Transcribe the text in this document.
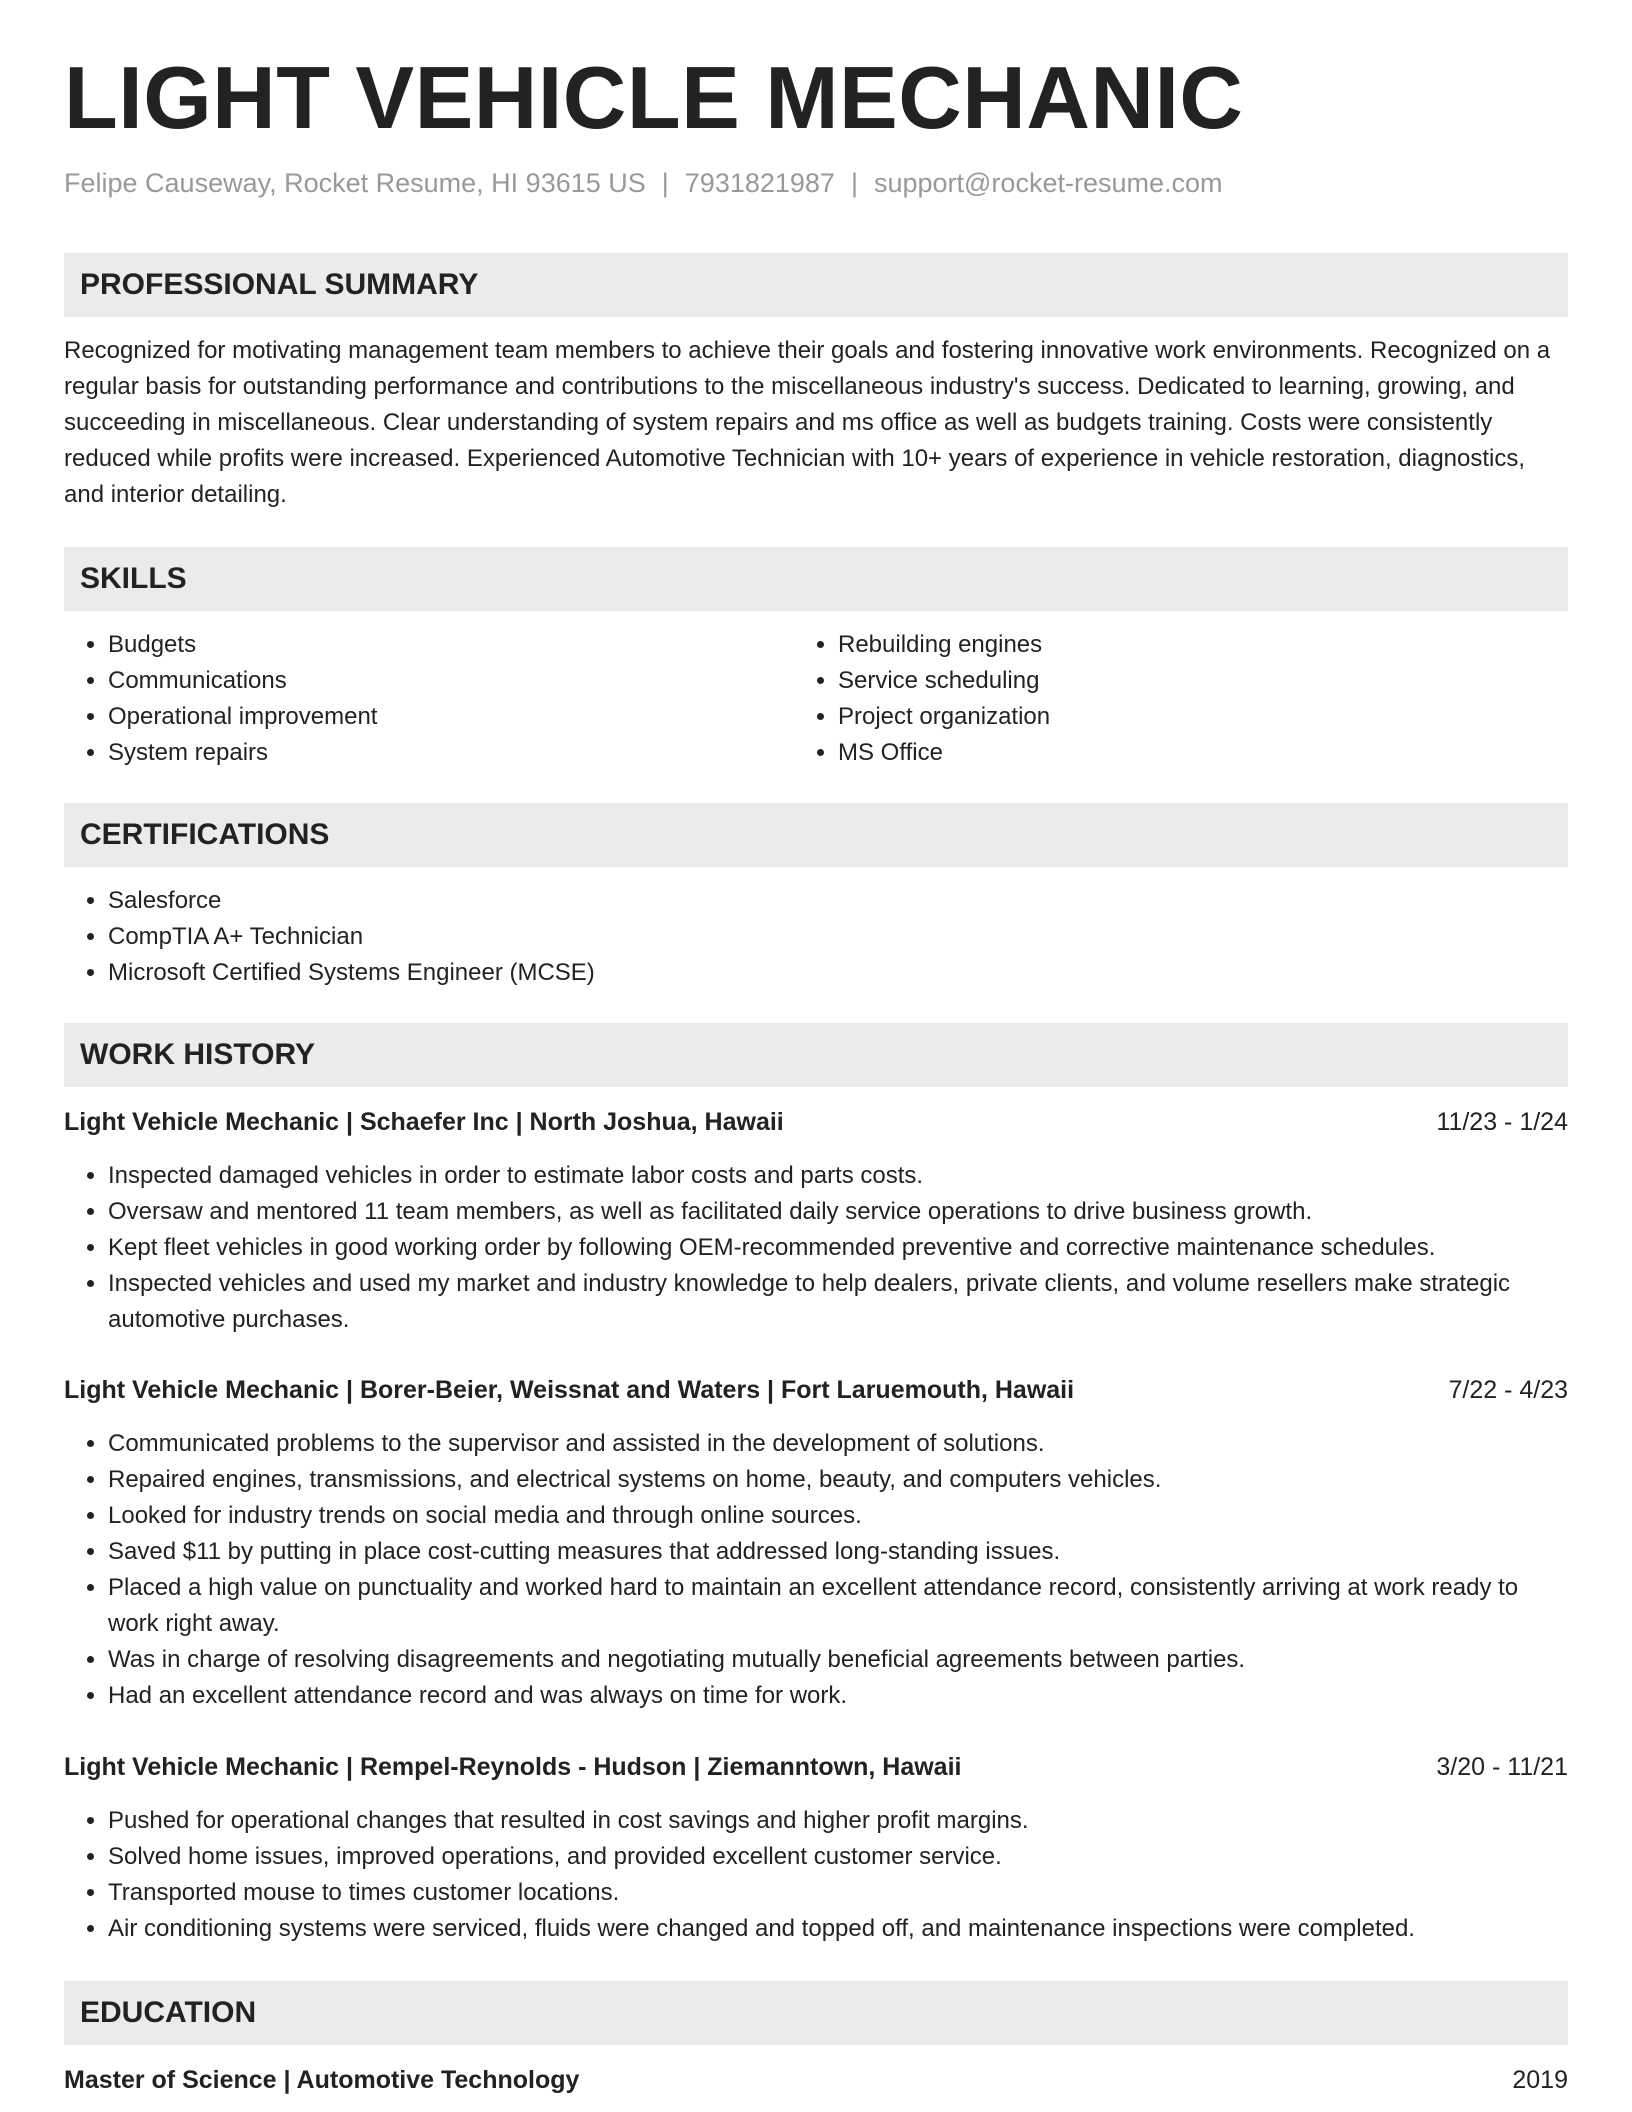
LIGHT VEHICLE MECHANIC
Felipe Causeway, Rocket Resume, HI 93615 US | 7931821987 | support@rocket-resume.com
PROFESSIONAL SUMMARY
Recognized for motivating management team members to achieve their goals and fostering innovative work environments. Recognized on a regular basis for outstanding performance and contributions to the miscellaneous industry's success. Dedicated to learning, growing, and succeeding in miscellaneous. Clear understanding of system repairs and ms office as well as budgets training. Costs were consistently reduced while profits were increased. Experienced Automotive Technician with 10+ years of experience in vehicle restoration, diagnostics, and interior detailing.
SKILLS
• Budgets
• Communications
• Operational improvement
• System repairs
• Rebuilding engines
• Service scheduling
• Project organization
• MS Office
CERTIFICATIONS
• Salesforce
• CompTIA A+ Technician
• Microsoft Certified Systems Engineer (MCSE)
WORK HISTORY
Light Vehicle Mechanic | Schaefer Inc | North Joshua, Hawaii	11/23 - 1/24
• Inspected damaged vehicles in order to estimate labor costs and parts costs.
• Oversaw and mentored 11 team members, as well as facilitated daily service operations to drive business growth.
• Kept fleet vehicles in good working order by following OEM-recommended preventive and corrective maintenance schedules.
• Inspected vehicles and used my market and industry knowledge to help dealers, private clients, and volume resellers make strategic automotive purchases.
Light Vehicle Mechanic | Borer-Beier, Weissnat and Waters | Fort Laruemouth, Hawaii	7/22 - 4/23
• Communicated problems to the supervisor and assisted in the development of solutions.
• Repaired engines, transmissions, and electrical systems on home, beauty, and computers vehicles.
• Looked for industry trends on social media and through online sources.
• Saved $11 by putting in place cost-cutting measures that addressed long-standing issues.
• Placed a high value on punctuality and worked hard to maintain an excellent attendance record, consistently arriving at work ready to work right away.
• Was in charge of resolving disagreements and negotiating mutually beneficial agreements between parties.
• Had an excellent attendance record and was always on time for work.
Light Vehicle Mechanic | Rempel-Reynolds - Hudson | Ziemanntown, Hawaii	3/20 - 11/21
• Pushed for operational changes that resulted in cost savings and higher profit margins.
• Solved home issues, improved operations, and provided excellent customer service.
• Transported mouse to times customer locations.
• Air conditioning systems were serviced, fluids were changed and topped off, and maintenance inspections were completed.
EDUCATION
Master of Science | Automotive Technology	2019
